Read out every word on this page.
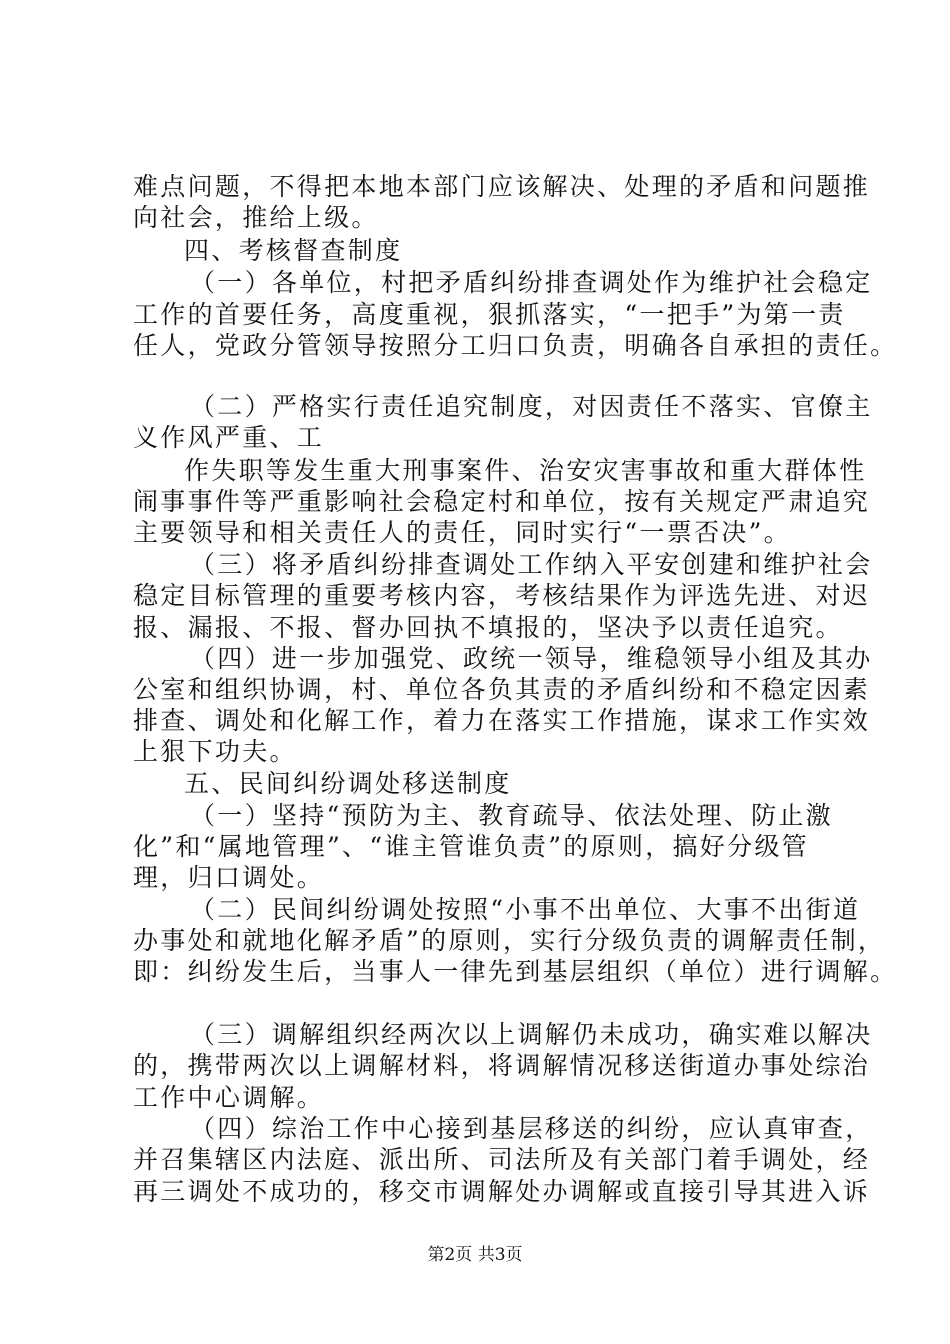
难点问题，不得把本地本部门应该解决、处理的矛盾和问题推
向社会，推给上级。
四、考核督查制度
（一）各单位，村把矛盾纠纷排查调处作为维护社会稳定
工作的首要任务，高度重视，狠抓落实，“一把手”为第一责
任人，党政分管领导按照分工归口负责，明确各自承担的责任。
（二）严格实行责任追究制度，对因责任不落实、官僚主
义作风严重、工
作失职等发生重大刑事案件、治安灾害事故和重大群体性
闹事事件等严重影响社会稳定村和单位，按有关规定严肃追究
主要领导和相关责任人的责任，同时实行“一票否决”。
（三）将矛盾纠纷排查调处工作纳入平安创建和维护社会
稳定目标管理的重要考核内容，考核结果作为评选先进、对迟
报、漏报、不报、督办回执不填报的，坚决予以责任追究。
（四）进一步加强党、政统一领导，维稳领导小组及其办
公室和组织协调，村、单位各负其责的矛盾纠纷和不稳定因素
排查、调处和化解工作，着力在落实工作措施，谋求工作实效
上狠下功夫。
五、民间纠纷调处移送制度
（一）坚持“预防为主、教育疏导、依法处理、防止激
化”和“属地管理”、“谁主管谁负责”的原则，搞好分级管
理，归口调处。
（二）民间纠纷调处按照“小事不出单位、大事不出街道
办事处和就地化解矛盾”的原则，实行分级负责的调解责任制，
即：纠纷发生后，当事人一律先到基层组织（单位）进行调解。
（三）调解组织经两次以上调解仍未成功，确实难以解决
的，携带两次以上调解材料，将调解情况移送街道办事处综治
工作中心调解。
（四）综治工作中心接到基层移送的纠纷，应认真审查，
并召集辖区内法庭、派出所、司法所及有关部门着手调处，经
再三调处不成功的，移交市调解处办调解或直接引导其进入诉
第2页 共3页
